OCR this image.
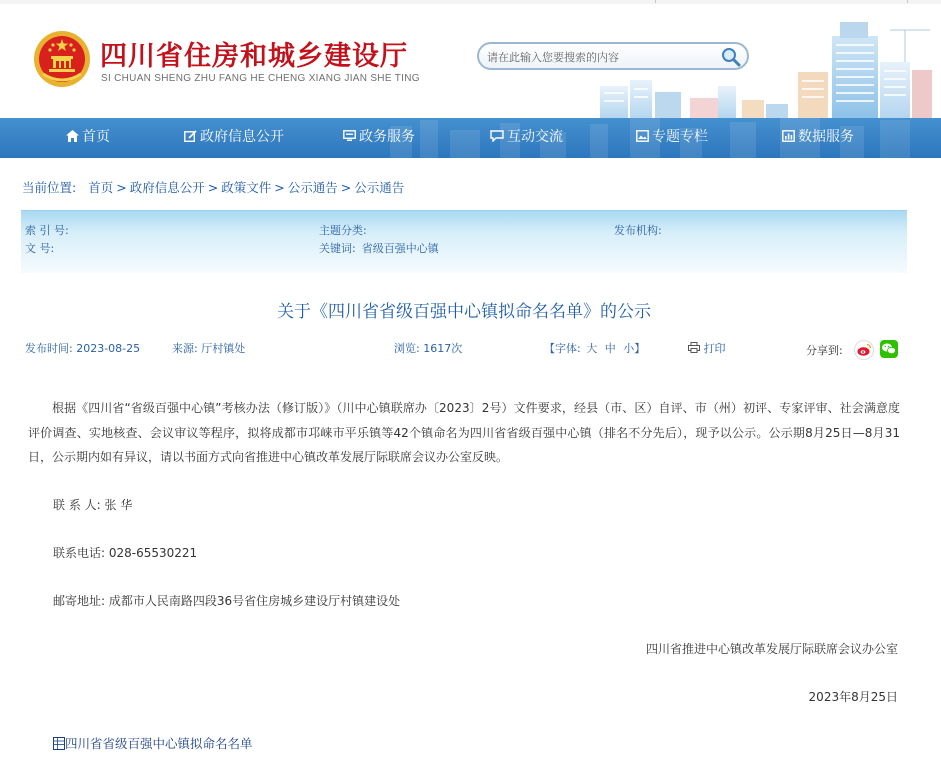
四川省住房和城乡建设厅
SI CHUAN SHENG ZHU FANG HE CHENG XIANG JIAN SHE TING
请在此输入您要搜索的内容
首页	政府信息公开	政务服务	互动交流	专题专栏	数据服务
当前位置: 首页 > 政府信息公开 > 政策文件 > 公示通告 > 公示通告
索 引 号:	主题分类:	发布机构:
文 号:	关键词: 省级百强中心镇
关于《四川省省级百强中心镇拟命名名单》的公示
发布时间: 2023-08-25	来源: 厅村镇处	浏览: 1617次	【字体: 大 中 小】	打印	分享到:
根据《四川省“省级百强中心镇”考核办法（修订版）》（川中心镇联席办〔2023〕2号）文件要求，经县（市、区）自评、市（州）初评、专家评审、社会满意度评价调查、实地核查、会议审议等程序，拟将成都市邛崃市平乐镇等42个镇命名为四川省省级百强中心镇（排名不分先后），现予以公示。公示期8月25日—8月31日，公示期内如有异议，请以书面方式向省推进中心镇改革发展厅际联席会议办公室反映。
联 系 人: 张 华
联系电话: 028-65530221
邮寄地址: 成都市人民南路四段36号省住房城乡建设厅村镇建设处
四川省推进中心镇改革发展厅际联席会议办公室
2023年8月25日
四川省省级百强中心镇拟命名名单
